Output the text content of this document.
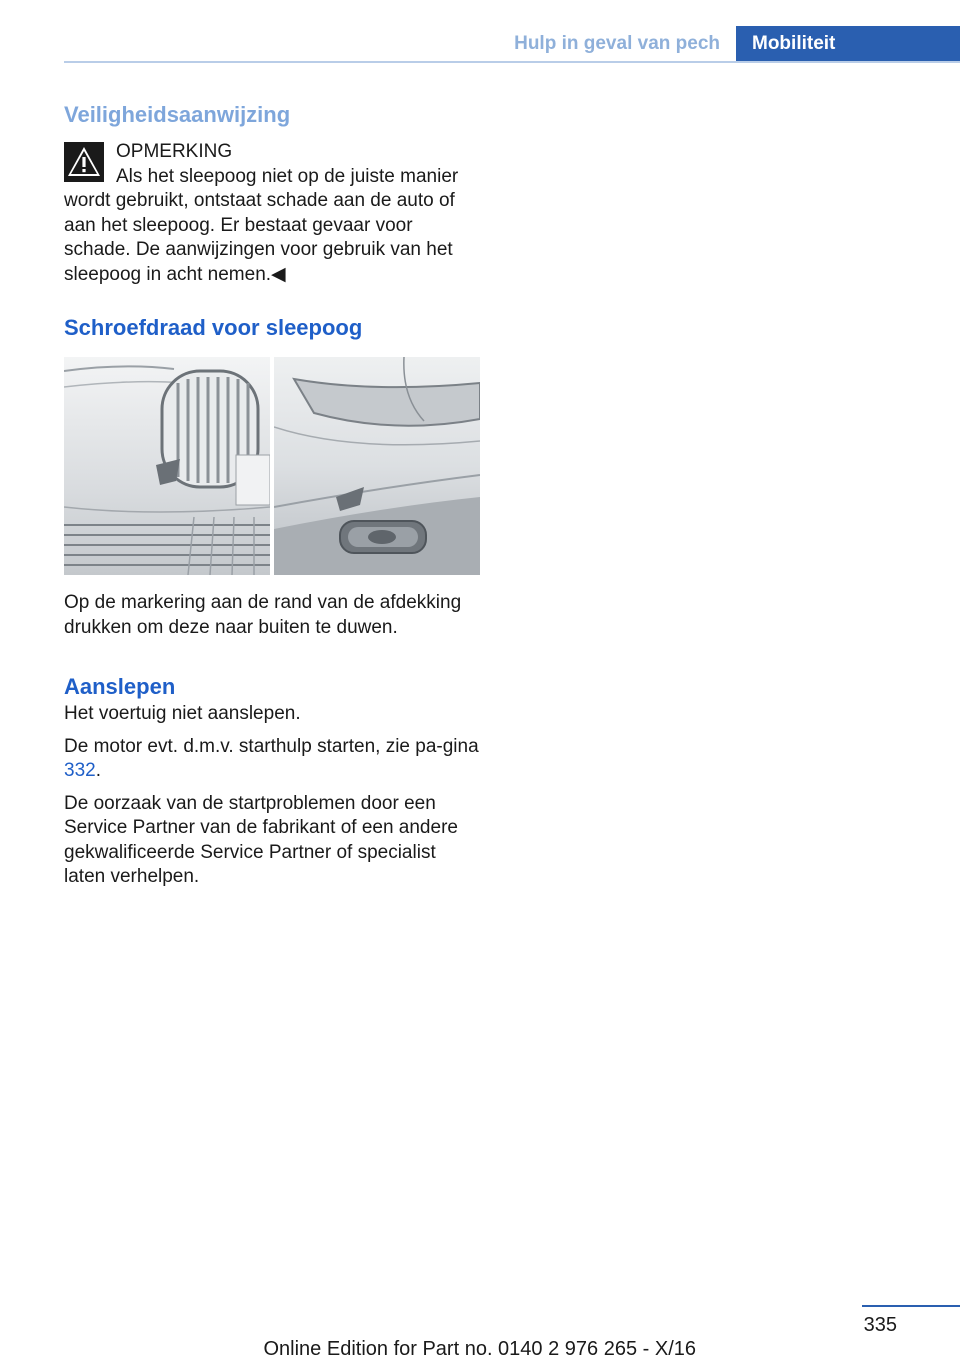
Hulp in geval van pech	Mobiliteit
Veiligheidsaanwijzing

OPMERKING

Als het sleepoog niet op de juiste manier wordt gebruikt, ontstaat schade aan de auto of aan het sleepoog. Er bestaat gevaar voor schade. De aanwijzingen voor gebruik van het sleepoog in acht nemen.◀

Schroefdraad voor sleepoog

Op de markering aan de rand van de afdekking drukken om deze naar buiten te duwen.

Aanslepen

Het voertuig niet aanslepen.

De motor evt. d.m.v. starthulp starten, zie pa-gina 332.

De oorzaak van de startproblemen door een Service Partner van de fabrikant of een andere gekwalificeerde Service Partner of specialist laten verhelpen.

335
Online Edition for Part no. 0140 2 976 265 - X/16
